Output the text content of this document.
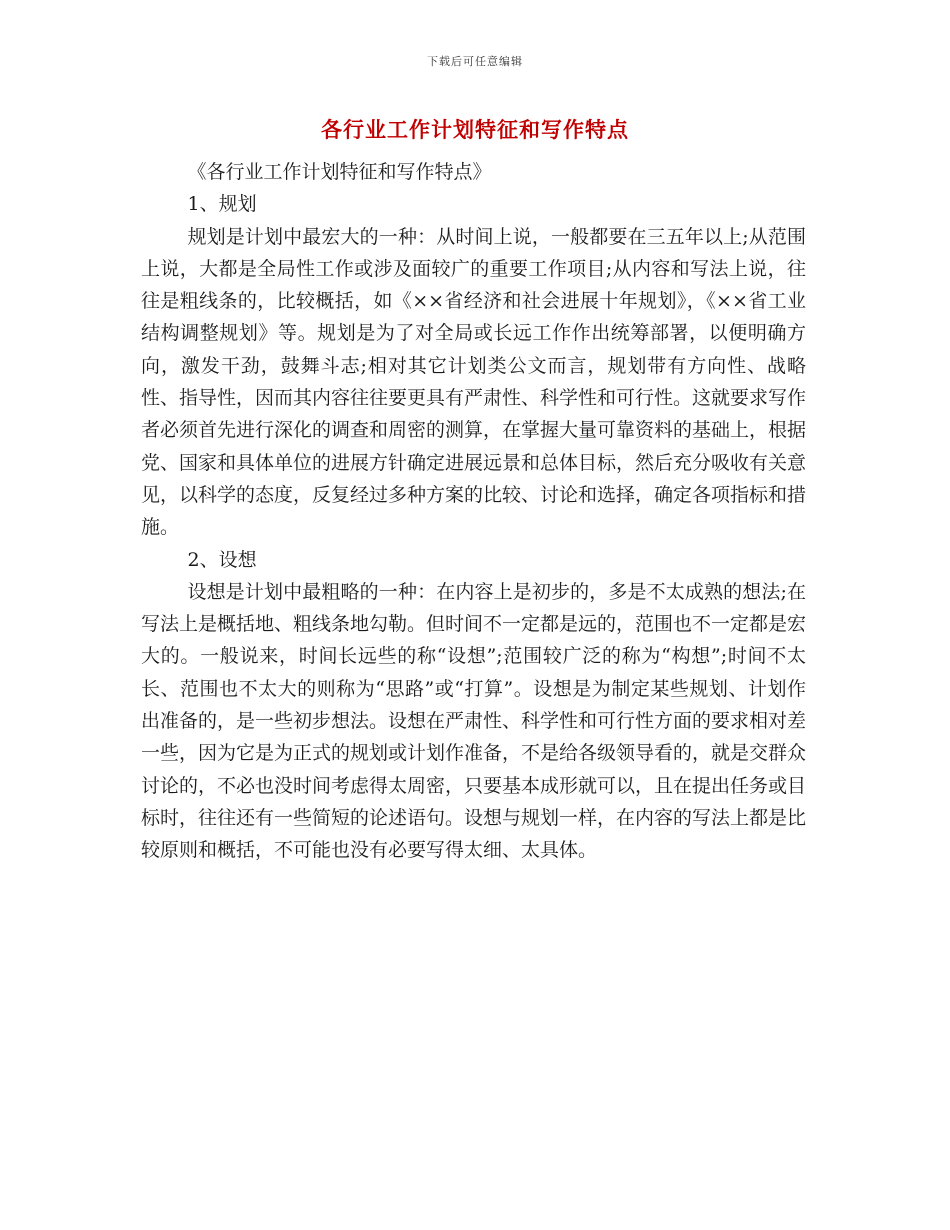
下载后可任意编辑
各行业工作计划特征和写作特点

《各行业工作计划特征和写作特点》

1、规划

规划是计划中最宏大的一种：从时间上说，一般都要在三五年以上;从范围上说，大都是全局性工作或涉及面较广的重要工作项目;从内容和写法上说，往往是粗线条的，比较概括，如《××省经济和社会进展十年规划》，《××省工业结构调整规划》等。规划是为了对全局或长远工作作出统筹部署，以便明确方向，激发干劲，鼓舞斗志;相对其它计划类公文而言，规划带有方向性、战略性、指导性，因而其内容往往要更具有严肃性、科学性和可行性。这就要求写作者必须首先进行深化的调查和周密的测算，在掌握大量可靠资料的基础上，根据党、国家和具体单位的进展方针确定进展远景和总体目标，然后充分吸收有关意见，以科学的态度，反复经过多种方案的比较、讨论和选择，确定各项指标和措施。

2、设想

设想是计划中最粗略的一种：在内容上是初步的，多是不太成熟的想法;在写法上是概括地、粗线条地勾勒。但时间不一定都是远的，范围也不一定都是宏大的。一般说来，时间长远些的称“设想”;范围较广泛的称为“构想”;时间不太长、范围也不太大的则称为“思路”或“打算”。设想是为制定某些规划、计划作出准备的，是一些初步想法。设想在严肃性、科学性和可行性方面的要求相对差一些，因为它是为正式的规划或计划作准备，不是给各级领导看的，就是交群众讨论的，不必也没时间考虑得太周密，只要基本成形就可以，且在提出任务或目标时，往往还有一些简短的论述语句。设想与规划一样，在内容的写法上都是比较原则和概括，不可能也没有必要写得太细、太具体。
